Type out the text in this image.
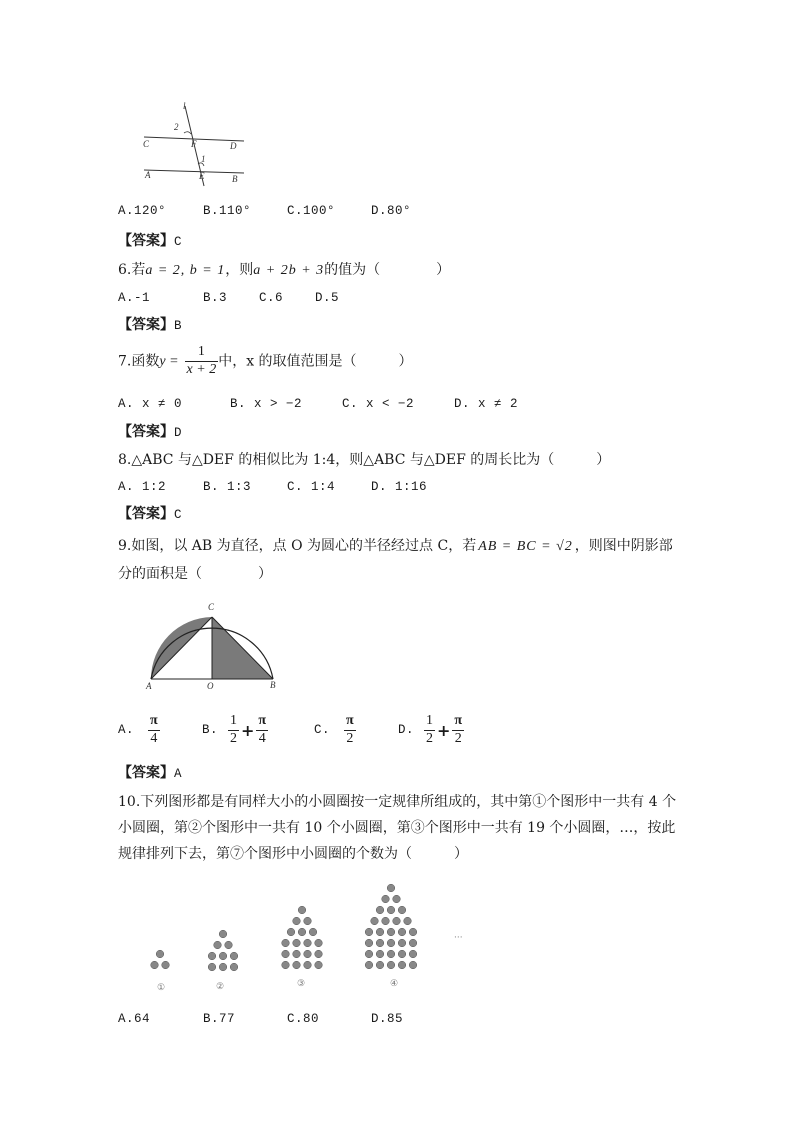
l
2
C	F	D
1
A	E	B
A.120°	B.110°	C.100°	D.80°
【答案】C
6.若a = 2, b = 1，则a + 2b + 3的值为（　　　　）
A.-1	B.3	C.6	D.5
【答案】B
7.函数$y = \frac{1}{x + 2}$ 中，x 的取值范围是（　　　）
A. x ≠ 0	B. x > −2	C. x < −2	D. x ≠ 2
【答案】D
8.△ABC 与△DEF 的相似比为 1:4，则△ABC 与△DEF 的周长比为（　　　）
A. 1:2	B. 1:3	C. 1:4	D. 1:16
【答案】C
9.如图，以 AB 为直径，点 O 为圆心的半径经过点 C，若 AB = BC = √2 ，则图中阴影部
分的面积是（　　　　）
C
A	O	B
A. $\frac{\pi}{4}$	B. $\frac{1}{2} + \frac{\pi}{4}$	C. $\frac{\pi}{2}$	D. $\frac{1}{2} + \frac{\pi}{2}$
【答案】A
10.下列图形都是有同样大小的小圆圈按一定规律所组成的，其中第①个图形中一共有 4 个
小圆圈，第②个图形中一共有 10 个小圆圈，第③个图形中一共有 19 个小圆圈，…，按此
规律排列下去，第⑦个图形中小圆圈的个数为（　　　）
①	②	③	④
···
A.64	B.77	C.80	D.85
